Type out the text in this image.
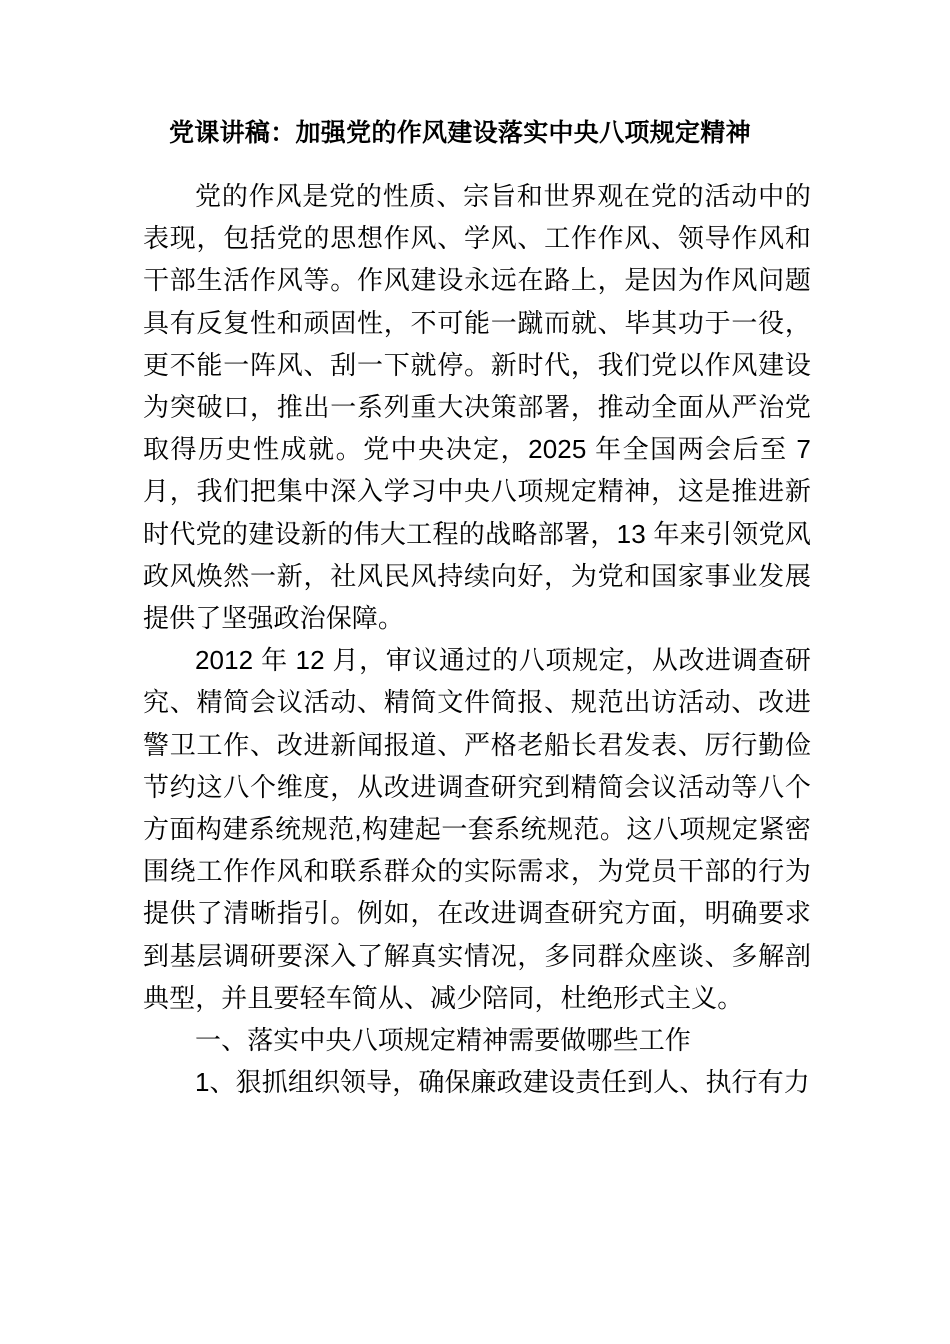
党课讲稿：加强党的作风建设落实中央八项规定精神

党的作风是党的性质、宗旨和世界观在党的活动中的表现，包括党的思想作风、学风、工作作风、领导作风和干部生活作风等。作风建设永远在路上，是因为作风问题具有反复性和顽固性，不可能一蹴而就、毕其功于一役，更不能一阵风、刮一下就停。新时代，我们党以作风建设为突破口，推出一系列重大决策部署，推动全面从严治党取得历史性成就。党中央决定，2025 年全国两会后至 7 月，我们把集中深入学习中央八项规定精神，这是推进新时代党的建设新的伟大工程的战略部署，13 年来引领党风政风焕然一新，社风民风持续向好，为党和国家事业发展提供了坚强政治保障。

2012 年 12 月，审议通过的八项规定，从改进调查研究、精简会议活动、精简文件简报、规范出访活动、改进警卫工作、改进新闻报道、严格老船长君发表、厉行勤俭节约这八个维度，从改进调查研究到精简会议活动等八个方面构建系统规范,构建起一套系统规范。这八项规定紧密围绕工作作风和联系群众的实际需求，为党员干部的行为提供了清晰指引。例如，在改进调查研究方面，明确要求到基层调研要深入了解真实情况，多同群众座谈、多解剖典型，并且要轻车简从、减少陪同，杜绝形式主义。

一、落实中央八项规定精神需要做哪些工作

1、狠抓组织领导，确保廉政建设责任到人、执行有力
